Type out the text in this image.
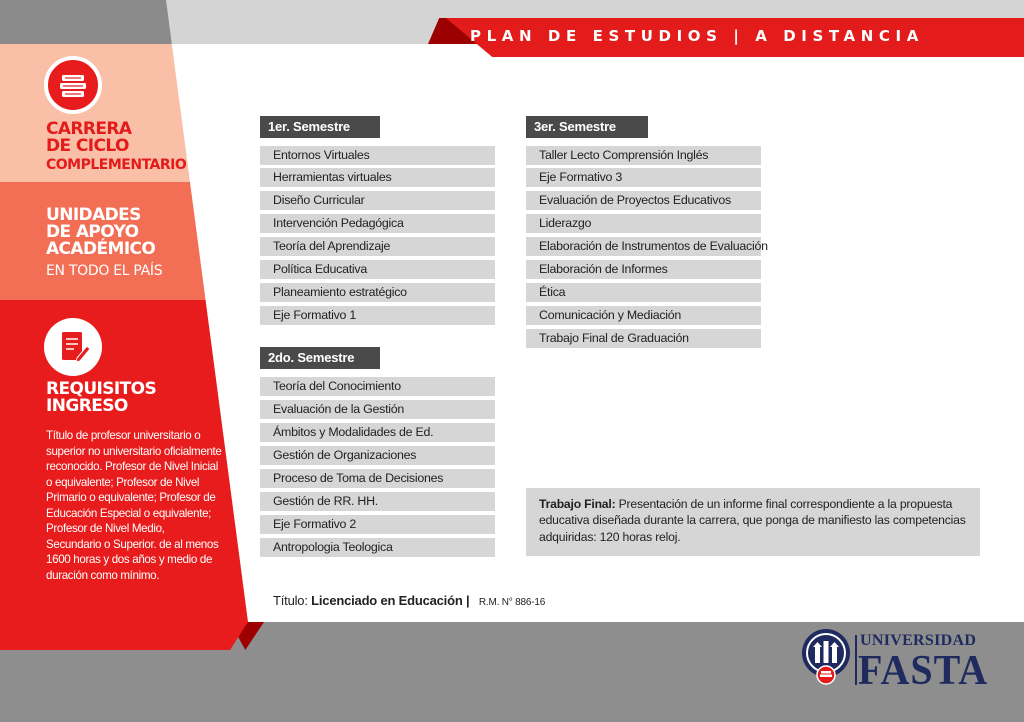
PLAN DE ESTUDIOS | A DISTANCIA
CARRERA
DE CICLO
COMPLEMENTARIO
UNIDADES
DE APOYO
ACADÉMICO
EN TODO EL PAÍS
REQUISITOS
INGRESO
Título de profesor universitario o superior no universitario oficialmente reconocido. Profesor de Nivel Inicial o equivalente; Profesor de Nivel Primario o equivalente; Profesor de Educación Especial o equivalente; Profesor de Nivel Medio, Secundario o Superior. de al menos 1600 horas y dos años y medio de duración como mínimo.
1er. Semestre
Entornos Virtuales
Herramientas virtuales
Diseño Curricular
Intervención Pedagógica
Teoría del Aprendizaje
Política Educativa
Planeamiento estratégico
Eje Formativo 1
2do. Semestre
Teoría del Conocimiento
Evaluación de la Gestión
Ámbitos y Modalidades de Ed.
Gestión de Organizaciones
Proceso de Toma de Decisiones
Gestión de RR. HH.
Eje Formativo 2
Antropologia Teologica
3er. Semestre
Taller Lecto Comprensión Inglés
Eje Formativo 3
Evaluación de Proyectos Educativos
Liderazgo
Elaboración de Instrumentos de Evaluación
Elaboración de Informes
Ética
Comunicación y Mediación
Trabajo Final de Graduación
Trabajo Final: Presentación de un informe final correspondiente a la propuesta educativa diseñada durante la carrera, que ponga de manifiesto las competencias adquiridas: 120 horas reloj.
Título: Licenciado en Educación | R.M. N° 886-16
UNIVERSIDAD
FASTA
